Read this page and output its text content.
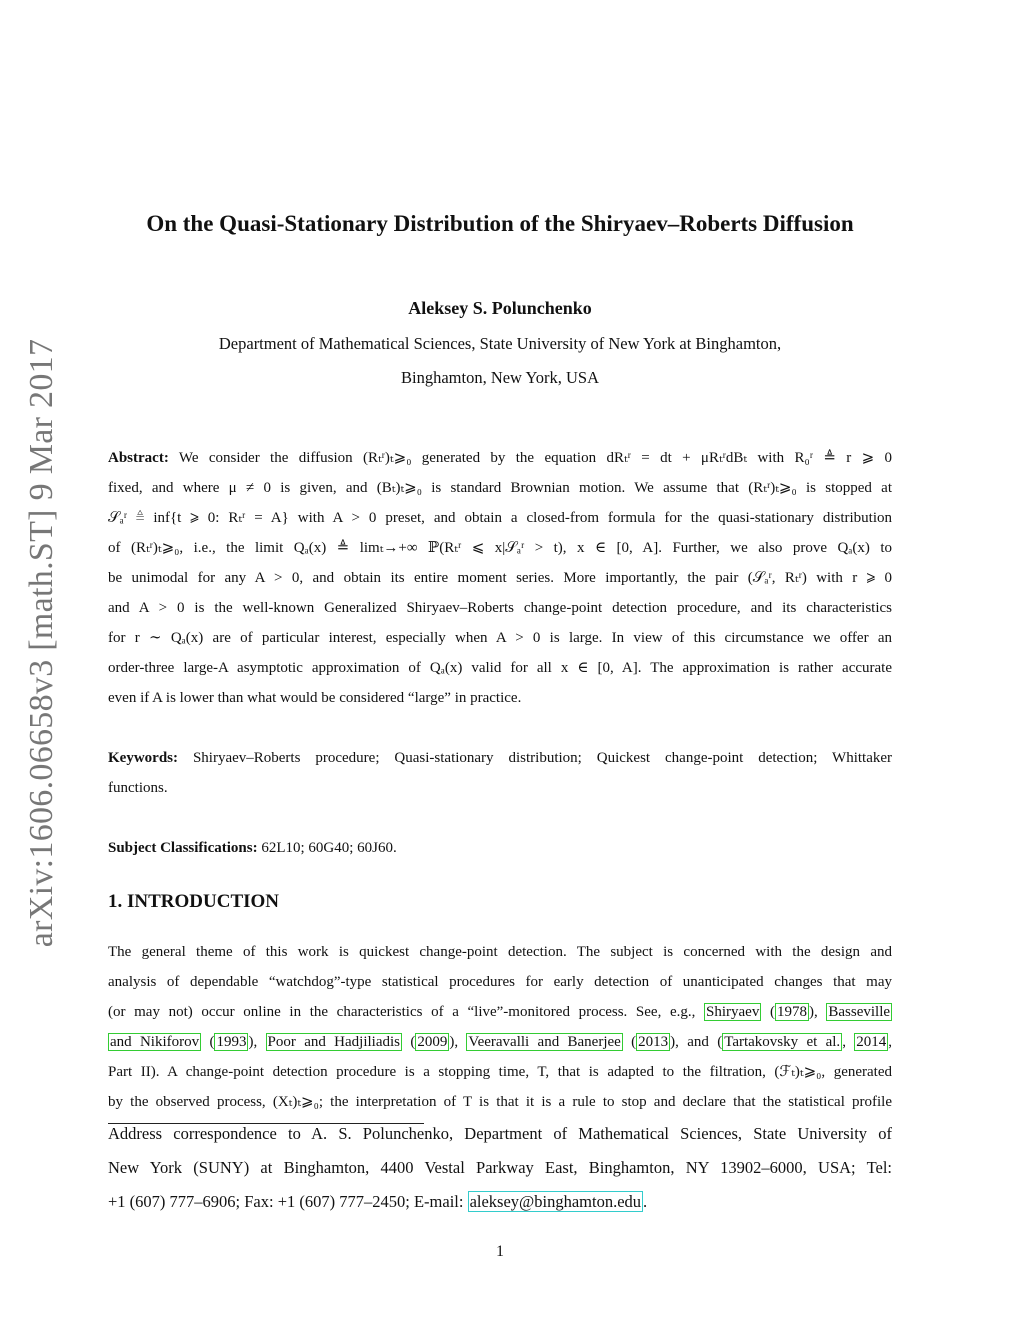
arXiv:1606.06658v3 [math.ST] 9 Mar 2017
On the Quasi-Stationary Distribution of the Shiryaev–Roberts Diffusion
Aleksey S. Polunchenko
Department of Mathematical Sciences, State University of New York at Binghamton,
Binghamton, New York, USA
Abstract: We consider the diffusion (Rₜʳ)ₜ⩾₀ generated by the equation dRₜʳ = dt + μRₜʳdBₜ with R₀ʳ ≜ r ⩾ 0
fixed, and where μ ≠ 0 is given, and (Bₜ)ₜ⩾₀ is standard Brownian motion. We assume that (Rₜʳ)ₜ⩾₀ is stopped at
𝒮ₐʳ ≜ inf{t ⩾ 0: Rₜʳ = A} with A > 0 preset, and obtain a closed-from formula for the quasi-stationary distribution
of (Rₜʳ)ₜ⩾₀, i.e., the limit Qₐ(x) ≜ limₜ→+∞ ℙ(Rₜʳ ⩽ x|𝒮ₐʳ > t), x ∈ [0, A]. Further, we also prove Qₐ(x) to
be unimodal for any A > 0, and obtain its entire moment series. More importantly, the pair (𝒮ₐʳ, Rₜʳ) with r ⩾ 0
and A > 0 is the well-known Generalized Shiryaev–Roberts change-point detection procedure, and its characteristics
for r ∼ Qₐ(x) are of particular interest, especially when A > 0 is large. In view of this circumstance we offer an
order-three large-A asymptotic approximation of Qₐ(x) valid for all x ∈ [0, A]. The approximation is rather accurate
even if A is lower than what would be considered “large” in practice.
Keywords: Shiryaev–Roberts procedure; Quasi-stationary distribution; Quickest change-point detection; Whittaker
functions.
Subject Classifications: 62L10; 60G40; 60J60.
1. INTRODUCTION
The general theme of this work is quickest change-point detection. The subject is concerned with the design and
analysis of dependable “watchdog”-type statistical procedures for early detection of unanticipated changes that may
(or may not) occur online in the characteristics of a “live”-monitored process. See, e.g., Shiryaev ( 1978 ), Basseville
and Nikiforov ( 1993 ), Poor and Hadjiliadis ( 2009 ), Veeravalli and Banerjee ( 2013 ), and ( Tartakovsky et al. , 2014 ,
Part II). A change-point detection procedure is a stopping time, T, that is adapted to the filtration, (ℱₜ)ₜ⩾₀, generated
by the observed process, (Xₜ)ₜ⩾₀; the interpretation of T is that it is a rule to stop and declare that the statistical profile
Address correspondence to A. S. Polunchenko, Department of Mathematical Sciences, State University of
New York (SUNY) at Binghamton, 4400 Vestal Parkway East, Binghamton, NY 13902–6000, USA; Tel:
+1 (607) 777–6906; Fax: +1 (607) 777–2450; E-mail: aleksey@binghamton.edu .
1
